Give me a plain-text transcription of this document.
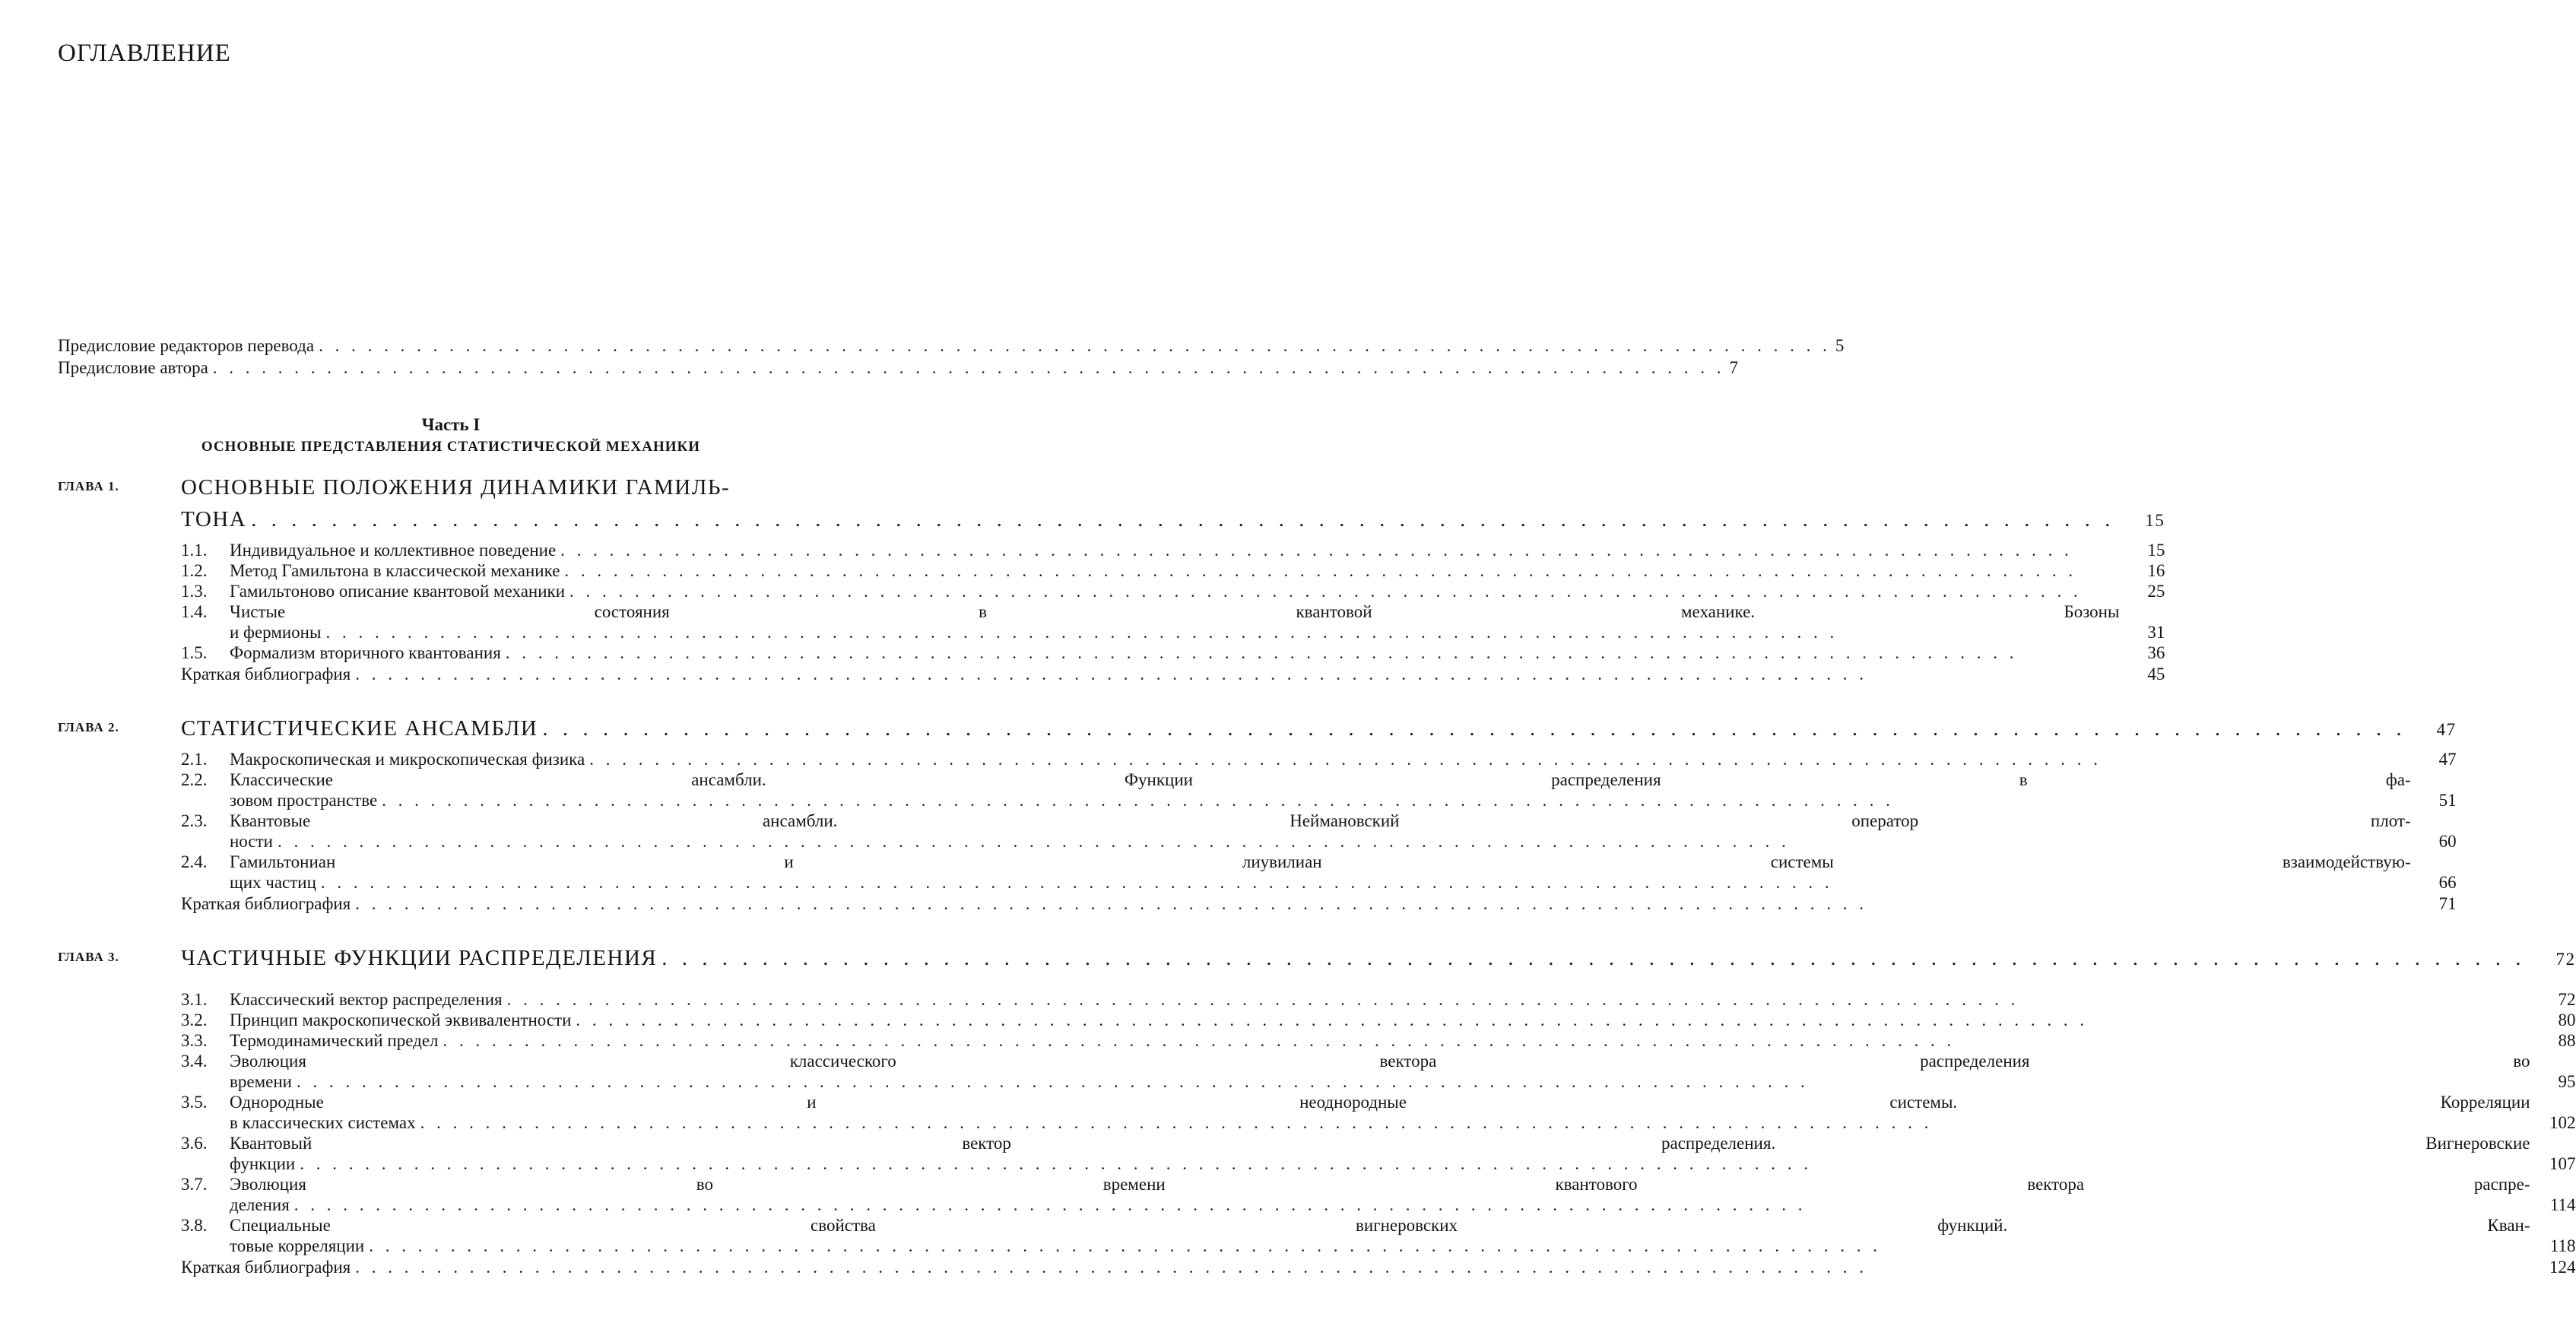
ОГЛАВЛЕНИЕ
Предисловие редакторов перевода . . .	5
Предисловие автора . . .	7
Часть I
ОСНОВНЫЕ ПРЕДСТАВЛЕНИЯ СТАТИСТИЧЕСКОЙ МЕХАНИКИ
ГЛАВА 1.	ОСНОВНЫЕ ПОЛОЖЕНИЯ ДИНАМИКИ ГАМИЛЬ-
ТОНА . . .	15
1.1.	Индивидуальное и коллективное поведение . . .	15
1.2.	Метод Гамильтона в классической механике . . .	16
1.3.	Гамильтоново описание квантовой механики . . .	25
1.4.	Чистые состояния в квантовой механике. Бозоны
и фермионы . . .	31
1.5.	Формализм вторичного квантования . . .	36
Краткая библиография . . .	45
ГЛАВА 2.	СТАТИСТИЧЕСКИЕ АНСАМБЛИ . . .	47
2.1.	Макроскопическая и микроскопическая физика . . .	47
2.2.	Классические ансамбли. Функции распределения в фа-
зовом пространстве . . .	51
2.3.	Квантовые ансамбли. Неймановский оператор плот-
ности . . .	60
2.4.	Гамильтониан и лиувилиан системы взаимодействую-
щих частиц . . .	66
Краткая библиография . . .	71
ГЛАВА 3.	ЧАСТИЧНЫЕ ФУНКЦИИ РАСПРЕДЕЛЕНИЯ . . .	72
3.1.	Классический вектор распределения . . .	72
3.2.	Принцип макроскопической эквивалентности . . .	80
3.3.	Термодинамический предел . . .	88
3.4.	Эволюция классического вектора распределения во
времени . . .	95
3.5.	Однородные и неоднородные системы. Корреляции
в классических системах . . .	102
3.6.	Квантовый вектор распределения. Вигнеровские
функции . . .	107
3.7.	Эволюция во времени квантового вектора распре-
деления . . .	114
3.8.	Специальные свойства вигнеровских функций. Кван-
товые корреляции . . .	118
Краткая библиография . . .	124
